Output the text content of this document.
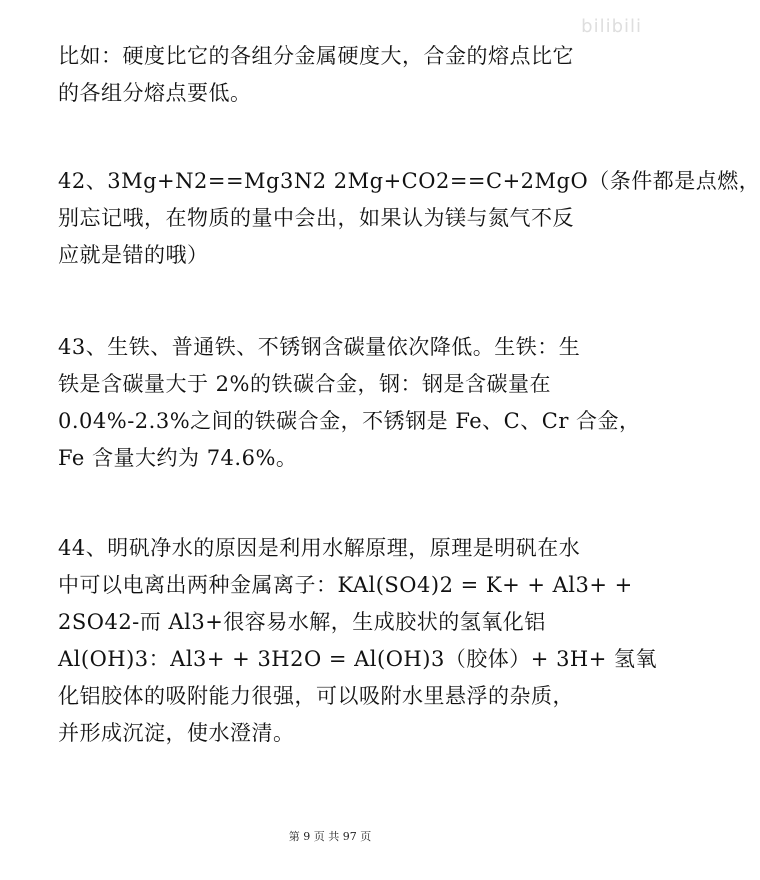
bilibili
比如：硬度比它的各组分金属硬度大，合金的熔点比它
的各组分熔点要低。
42、3Mg+N2==Mg3N2 2Mg+CO2==C+2MgO（条件都是点燃，
别忘记哦，在物质的量中会出，如果认为镁与氮气不反
应就是错的哦）
43、生铁、普通铁、不锈钢含碳量依次降低。生铁：生
铁是含碳量大于 2%的铁碳合金，钢：钢是含碳量在
0.04%-2.3%之间的铁碳合金，不锈钢是 Fe、C、Cr 合金，
Fe 含量大约为 74.6%。
44、明矾净水的原因是利用水解原理，原理是明矾在水
中可以电离出两种金属离子：KAl(SO4)2 = K+ + Al3+ +
2SO42-而 Al3+很容易水解，生成胶状的氢氧化铝
Al(OH)3：Al3+ + 3H2O = Al(OH)3（胶体）+ 3H+ 氢氧
化铝胶体的吸附能力很强，可以吸附水里悬浮的杂质，
并形成沉淀，使水澄清。
第 9 页 共 97 页
